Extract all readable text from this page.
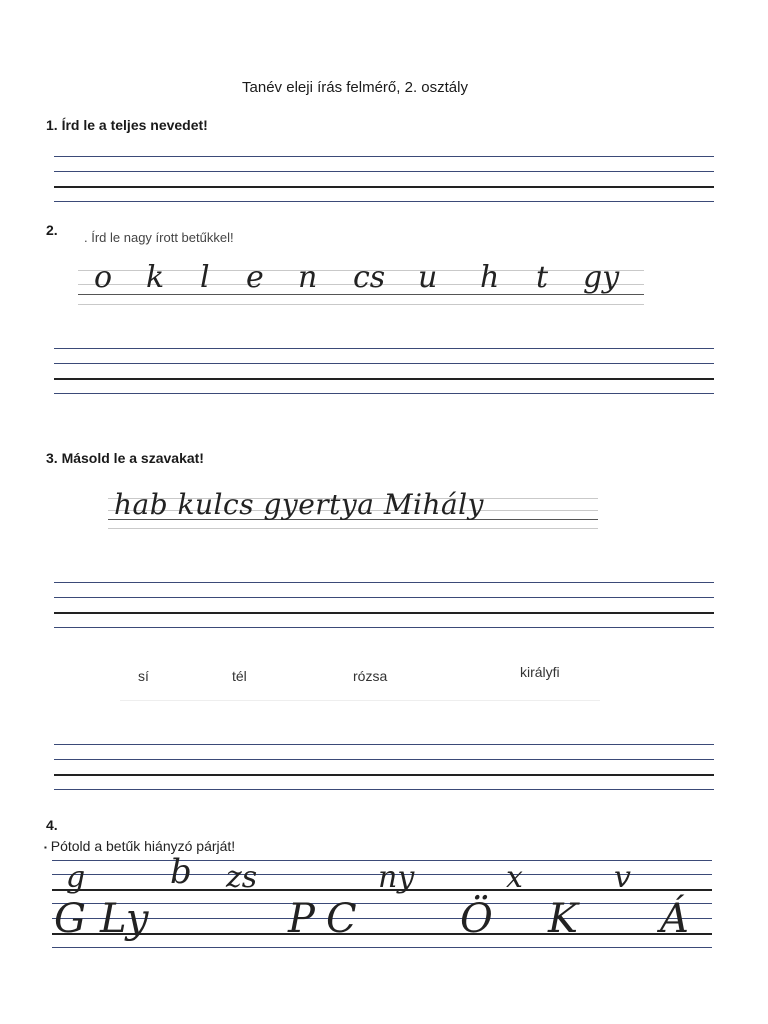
Tanév eleji írás felmérő, 2. osztály
1. Írd le a teljes nevedet!
2. . Írd le nagy írott betűkkel!
o k l e n cs u h t gy
3. Másold le a szavakat!
hab kulcs gyertya Mihály
sí	tél	rózsa	királyfi
4.
▪ Pótold a betűk hiányzó párját!
g b zs	ny	x	v
G Ly	P C	Ö K Á
